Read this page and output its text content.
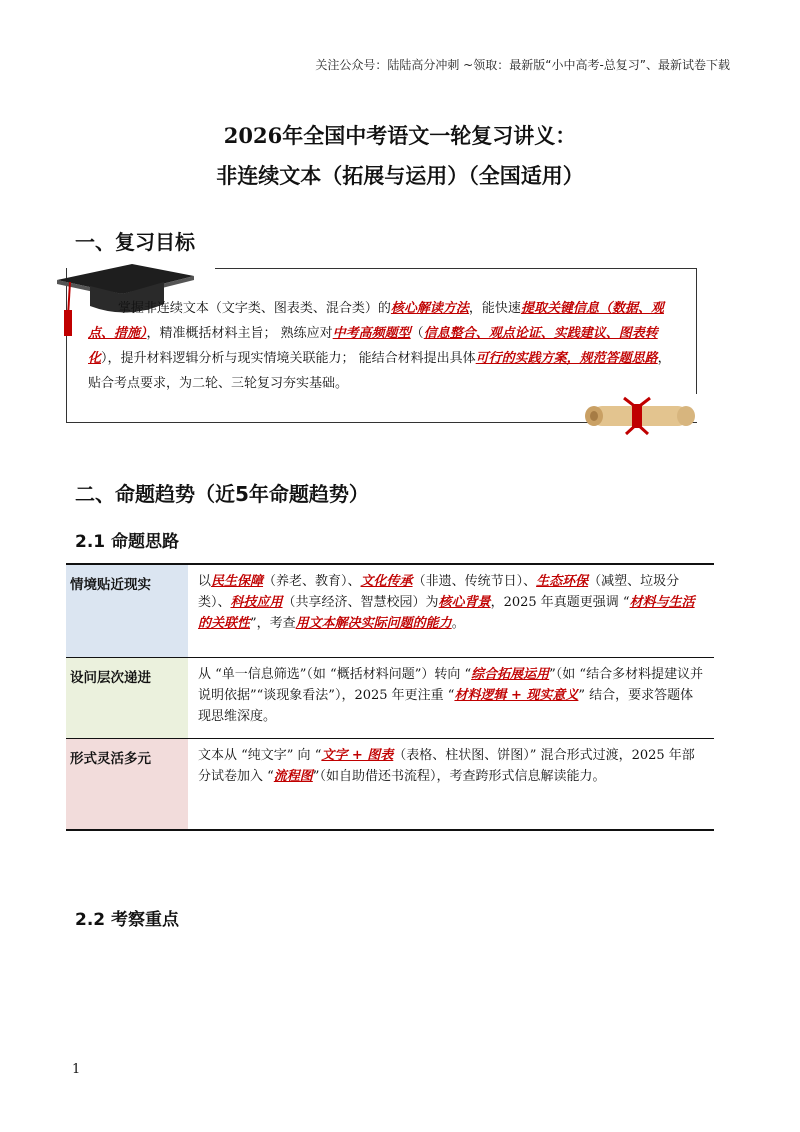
关注公众号：陆陆高分冲刺 ~领取：最新版“小中高考-总复习”、最新试卷下载
2026年全国中考语文一轮复习讲义：
非连续文本（拓展与运用）（全国适用）
一、复习目标
掌握非连续文本（文字类、图表类、混合类）的核心解读方法，能快速提取关键信息（数据、观点、措施），精准概括材料主旨； 熟练应对中考高频题型（信息整合、观点论证、实践建议、图表转化），提升材料逻辑分析与现实情境关联能力； 能结合材料提出具体可行的实践方案，规范答题思路，贴合考点要求，为二轮、三轮复习夯实基础。
二、命题趋势（近5年命题趋势）
2.1 命题思路
情境贴近现实	以民生保障（养老、教育）、文化传承（非遗、传统节日）、生态环保（减塑、垃圾分类）、科技应用（共享经济、智慧校园）为核心背景，2025 年真题更强调 “材料与生活的关联性”，考查用文本解决实际问题的能力。
设问层次递进	从 “单一信息筛选”（如 “概括材料问题”）转向 “综合拓展运用”（如 “结合多材料提建议并说明依据”“谈现象看法”），2025 年更注重 “材料逻辑 + 现实意义” 结合，要求答题体现思维深度。
形式灵活多元	文本从 “纯文字” 向 “文字 + 图表（表格、柱状图、饼图）” 混合形式过渡，2025 年部分试卷加入 “流程图”（如自助借还书流程），考查跨形式信息解读能力。
2.2 考察重点
1
